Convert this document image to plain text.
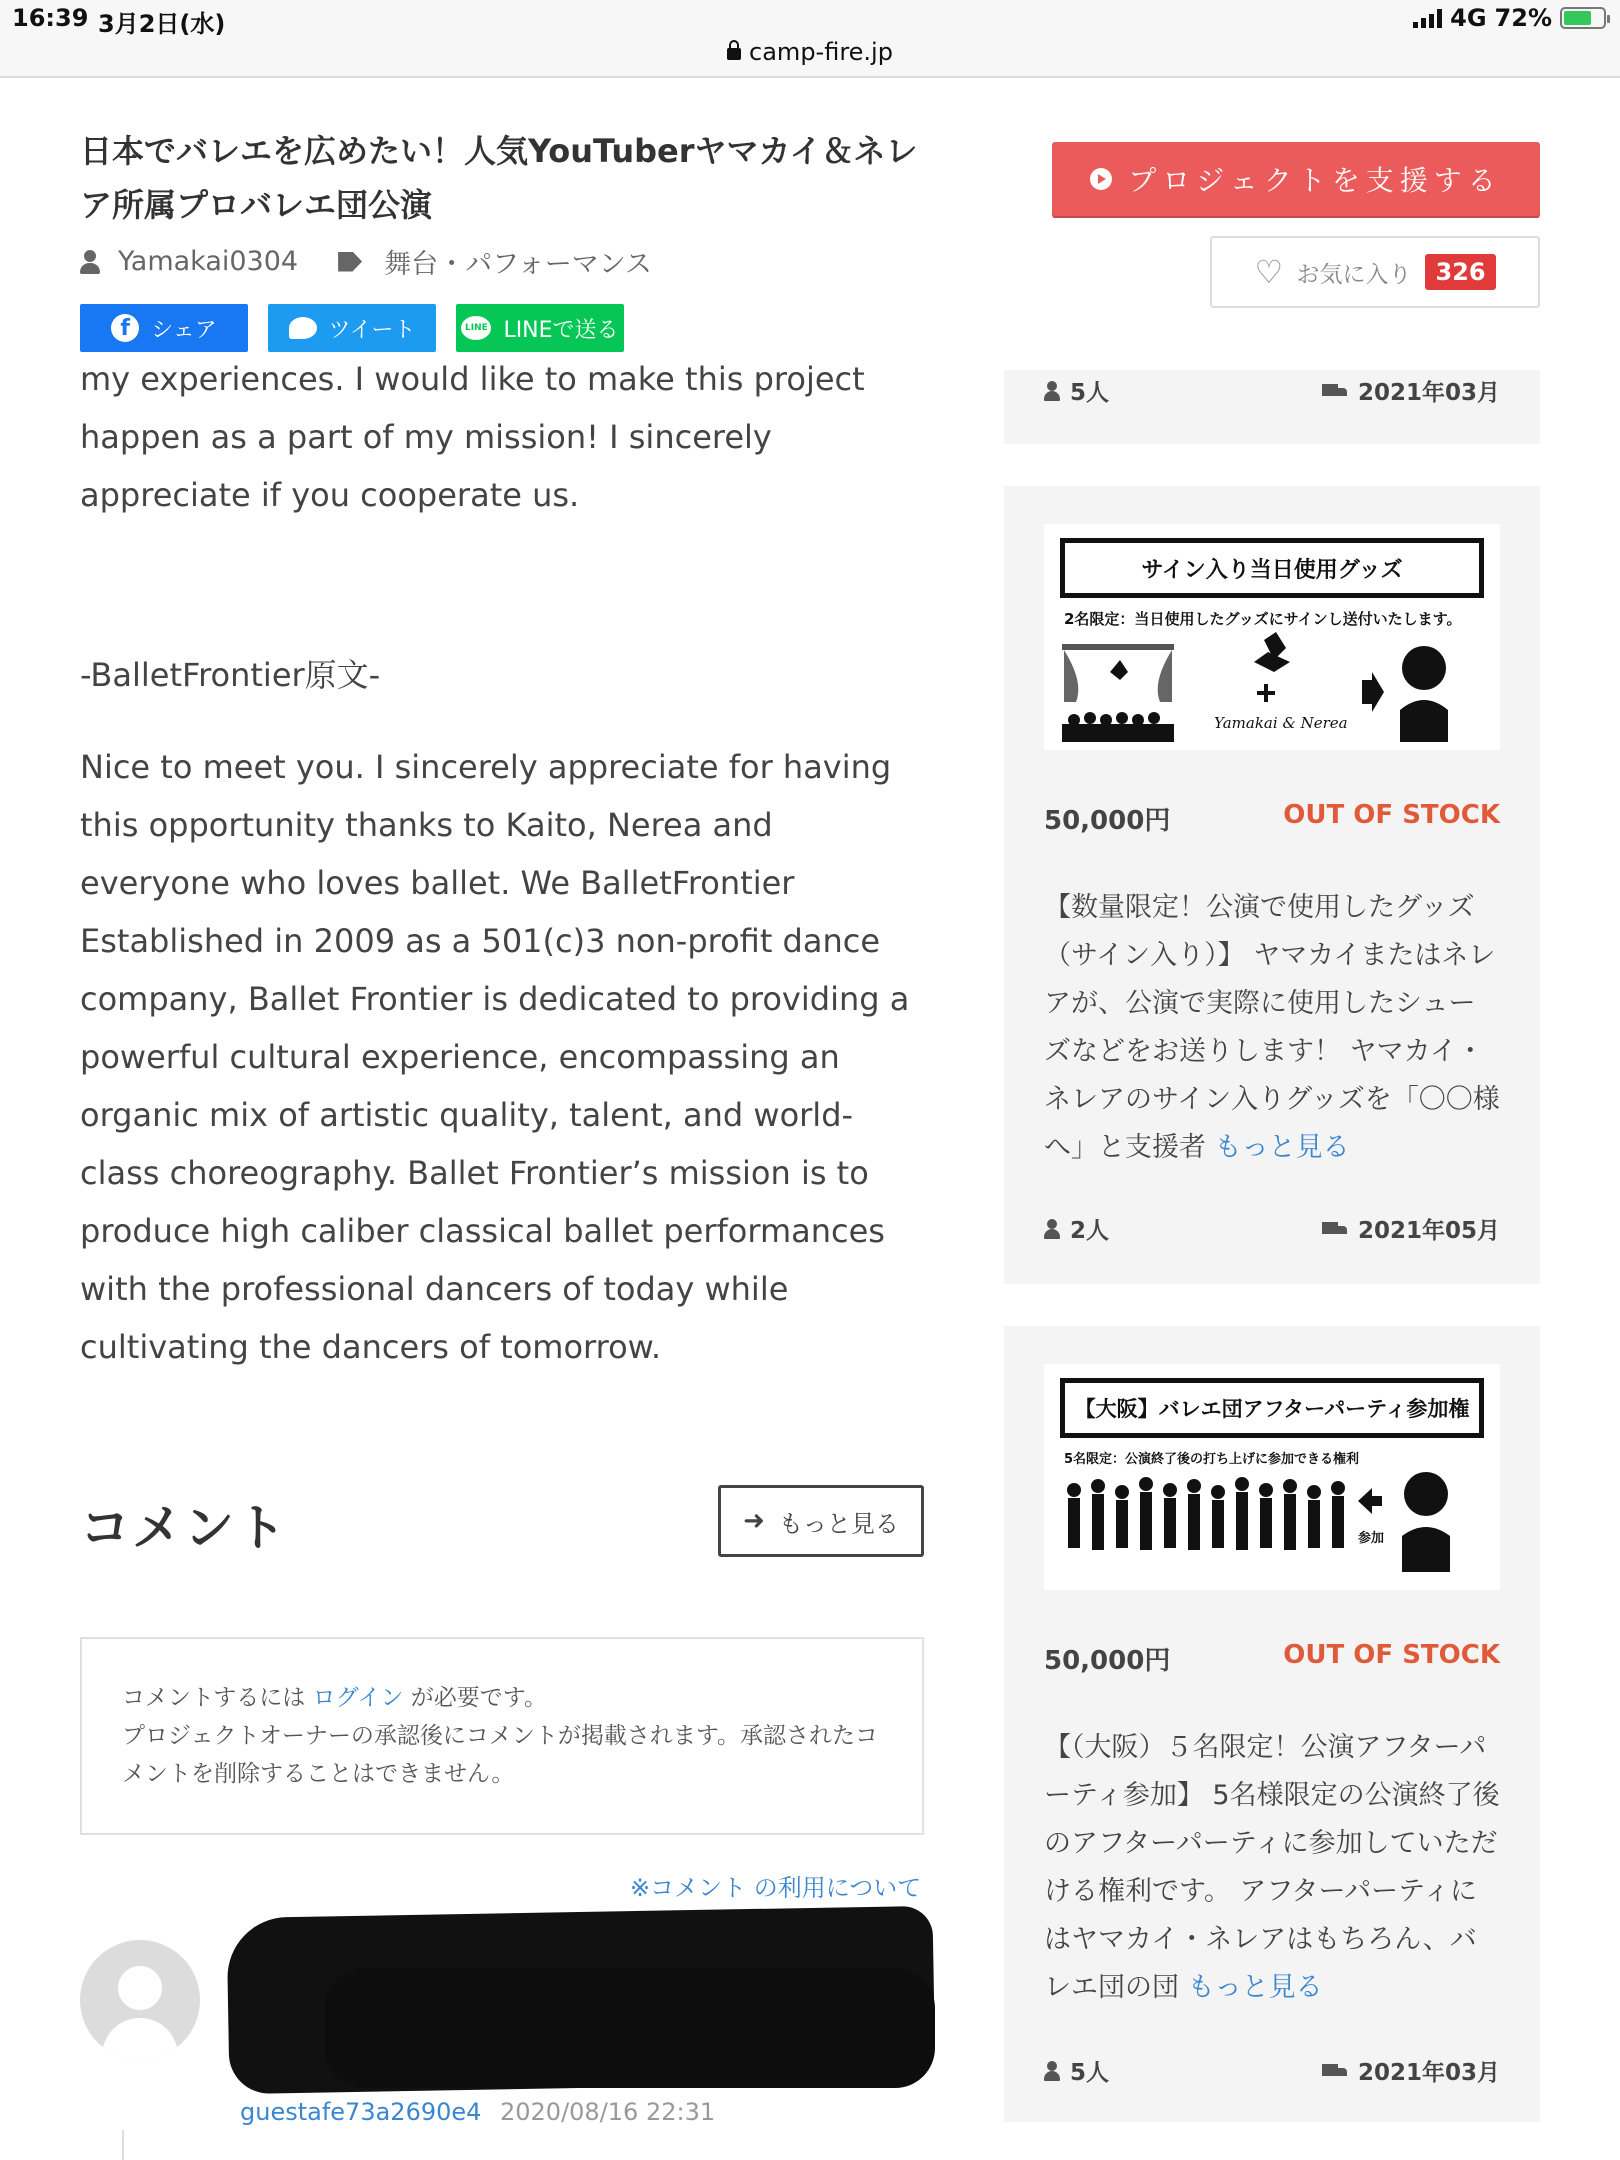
16:39 3月2日(水)	4G 72%
camp-fire.jp
日本でバレエを広めたい！人気YouTuberヤマカイ＆ネレア所属プロバレエ団公演
Yamakai0304	舞台・パフォーマンス
f シェア	ツイート	LINE LINEで送る

my experiences. I would like to make this project happen as a part of my mission! I sincerely appreciate if you cooperate us.

-BalletFrontier原文-

Nice to meet you. I sincerely appreciate for having this opportunity thanks to Kaito, Nerea and everyone who loves ballet. We BalletFrontier Established in 2009 as a 501(c)3 non-profit dance company, Ballet Frontier is dedicated to providing a powerful cultural experience, encompassing an organic mix of artistic quality, talent, and world-class choreography. Ballet Frontier’s mission is to produce high caliber classical ballet performances with the professional dancers of today while cultivating the dancers of tomorrow.

コメント	➜ もっと見る
コメントするには ログイン が必要です。
プロジェクトオーナーの承認後にコメントが掲載されます。承認されたコメントを削除することはできません。
※コメント の利用について
guestafe73a2690e4 2020/08/16 22:31
プロジェクトを支援する
♡
お気に入り	326
5人	2021年03月
サイン入り当日使用グッズ
2名限定：当日使用したグッズにサインし送付いたします。
Yamakai & Nerea
50,000円	OUT OF STOCK
【数量限定！公演で使用したグッズ（サイン入り）】 ヤマカイまたはネレアが、公演で実際に使用したシューズなどをお送りします！ ヤマカイ・ネレアのサイン入りグッズを「〇〇様へ」と支援者 もっと見る
2人	2021年05月
【大阪】バレエ団アフターパーティ参加権
5名限定：公演終了後の打ち上げに参加できる権利
参加
50,000円	OUT OF STOCK
【（大阪）５名限定！公演アフターパーティ参加】 5名様限定の公演終了後のアフターパーティに参加していただける権利です。 アフターパーティにはヤマカイ・ネレアはもちろん、バレエ団の団 もっと見る
5人	2021年03月
